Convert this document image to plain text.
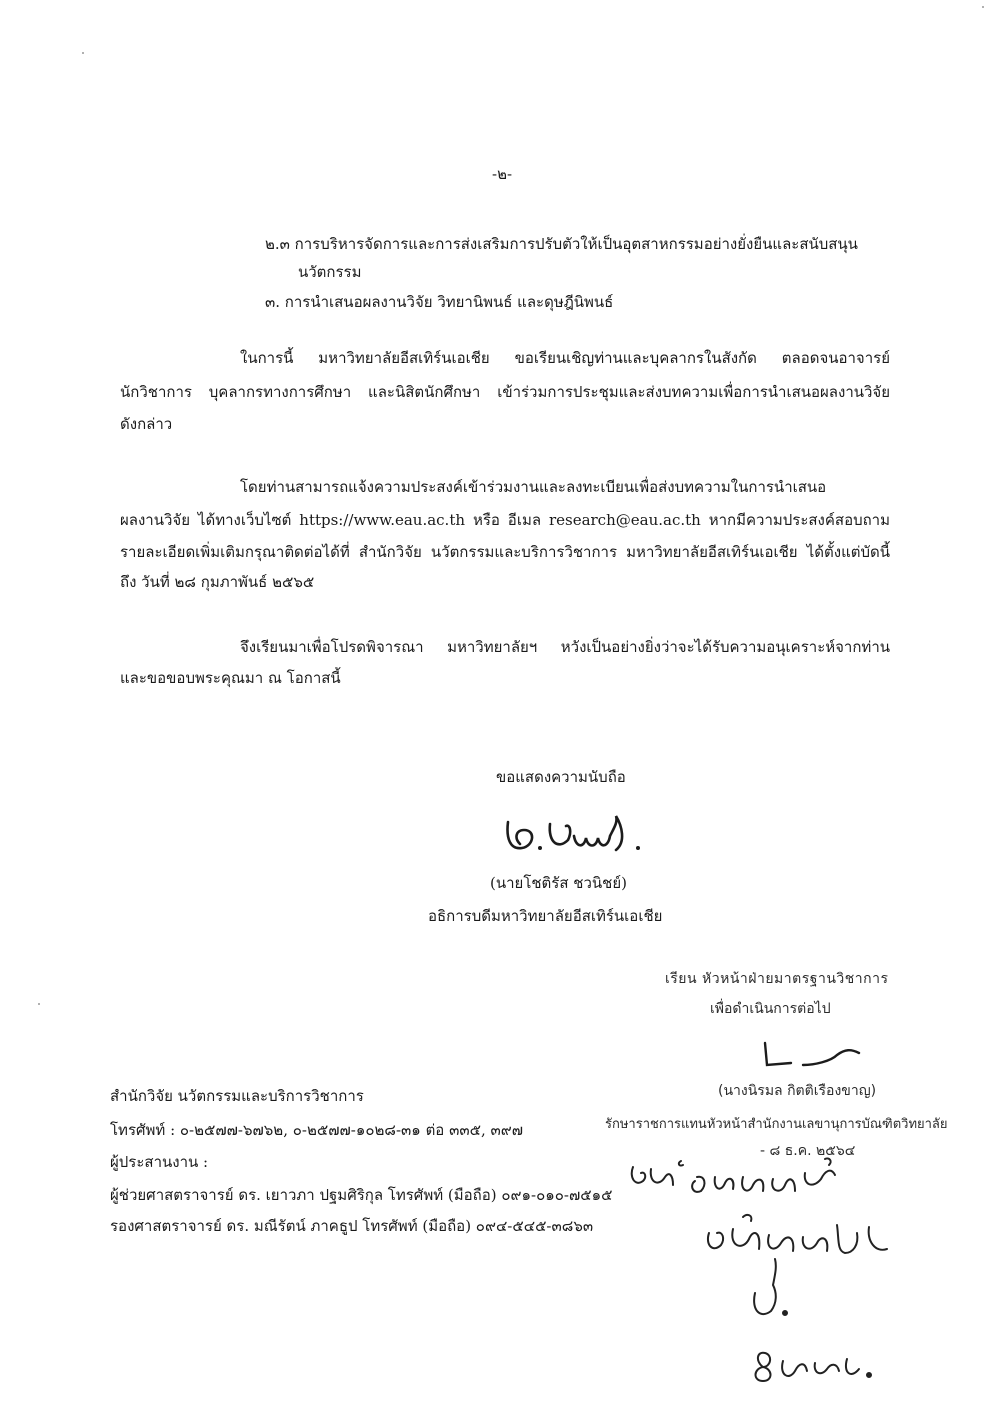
-๒-
๒.๓ การบริหารจัดการและการส่งเสริมการปรับตัวให้เป็นอุตสาหกรรมอย่างยั่งยืนและสนับสนุน
นวัตกรรม
๓. การนำเสนอผลงานวิจัย วิทยานิพนธ์ และดุษฎีนิพนธ์
ในการนี้ มหาวิทยาลัยอีสเทิร์นเอเชีย ขอเรียนเชิญท่านและบุคลากรในสังกัด ตลอดจนอาจารย์
นักวิชาการ บุคลากรทางการศึกษา และนิสิตนักศึกษา เข้าร่วมการประชุมและส่งบทความเพื่อการนำเสนอผลงานวิจัย
ดังกล่าว
โดยท่านสามารถแจ้งความประสงค์เข้าร่วมงานและลงทะเบียนเพื่อส่งบทความในการนำเสนอ
ผลงานวิจัย ได้ทางเว็บไซต์ https://www.eau.ac.th หรือ อีเมล research@eau.ac.th หากมีความประสงค์สอบถาม
รายละเอียดเพิ่มเติมกรุณาติดต่อได้ที่ สำนักวิจัย นวัตกรรมและบริการวิชาการ มหาวิทยาลัยอีสเทิร์นเอเชีย ได้ตั้งแต่บัดนี้
ถึง วันที่ ๒๘ กุมภาพันธ์ ๒๕๖๕
จึงเรียนมาเพื่อโปรดพิจารณา มหาวิทยาลัยฯ หวังเป็นอย่างยิ่งว่าจะได้รับความอนุเคราะห์จากท่าน
และขอขอบพระคุณมา ณ โอกาสนี้
ขอแสดงความนับถือ
(นายโชติรัส ชวนิชย์)
อธิการบดีมหาวิทยาลัยอีสเทิร์นเอเชีย
เรียน หัวหน้าฝ่ายมาตรฐานวิชาการ
เพื่อดำเนินการต่อไป
(นางนิรมล กิตติเรืองขาญ)
รักษาราชการแทนหัวหน้าสำนักงานเลขานุการบัณฑิตวิทยาลัย
- ๘ ธ.ค. ๒๕๖๔
สำนักวิจัย นวัตกรรมและบริการวิชาการ
โทรศัพท์ : ๐-๒๕๗๗-๖๗๖๒, ๐-๒๕๗๗-๑๐๒๘-๓๑ ต่อ ๓๓๕, ๓๙๗
ผู้ประสานงาน :
ผู้ช่วยศาสตราจารย์ ดร. เยาวภา ปฐมศิริกุล โทรศัพท์ (มือถือ) ๐๙๑-๐๑๐-๗๕๑๕
รองศาสตราจารย์ ดร. มณีรัตน์ ภาคธูป โทรศัพท์ (มือถือ) ๐๙๔-๕๔๕-๓๘๖๓
